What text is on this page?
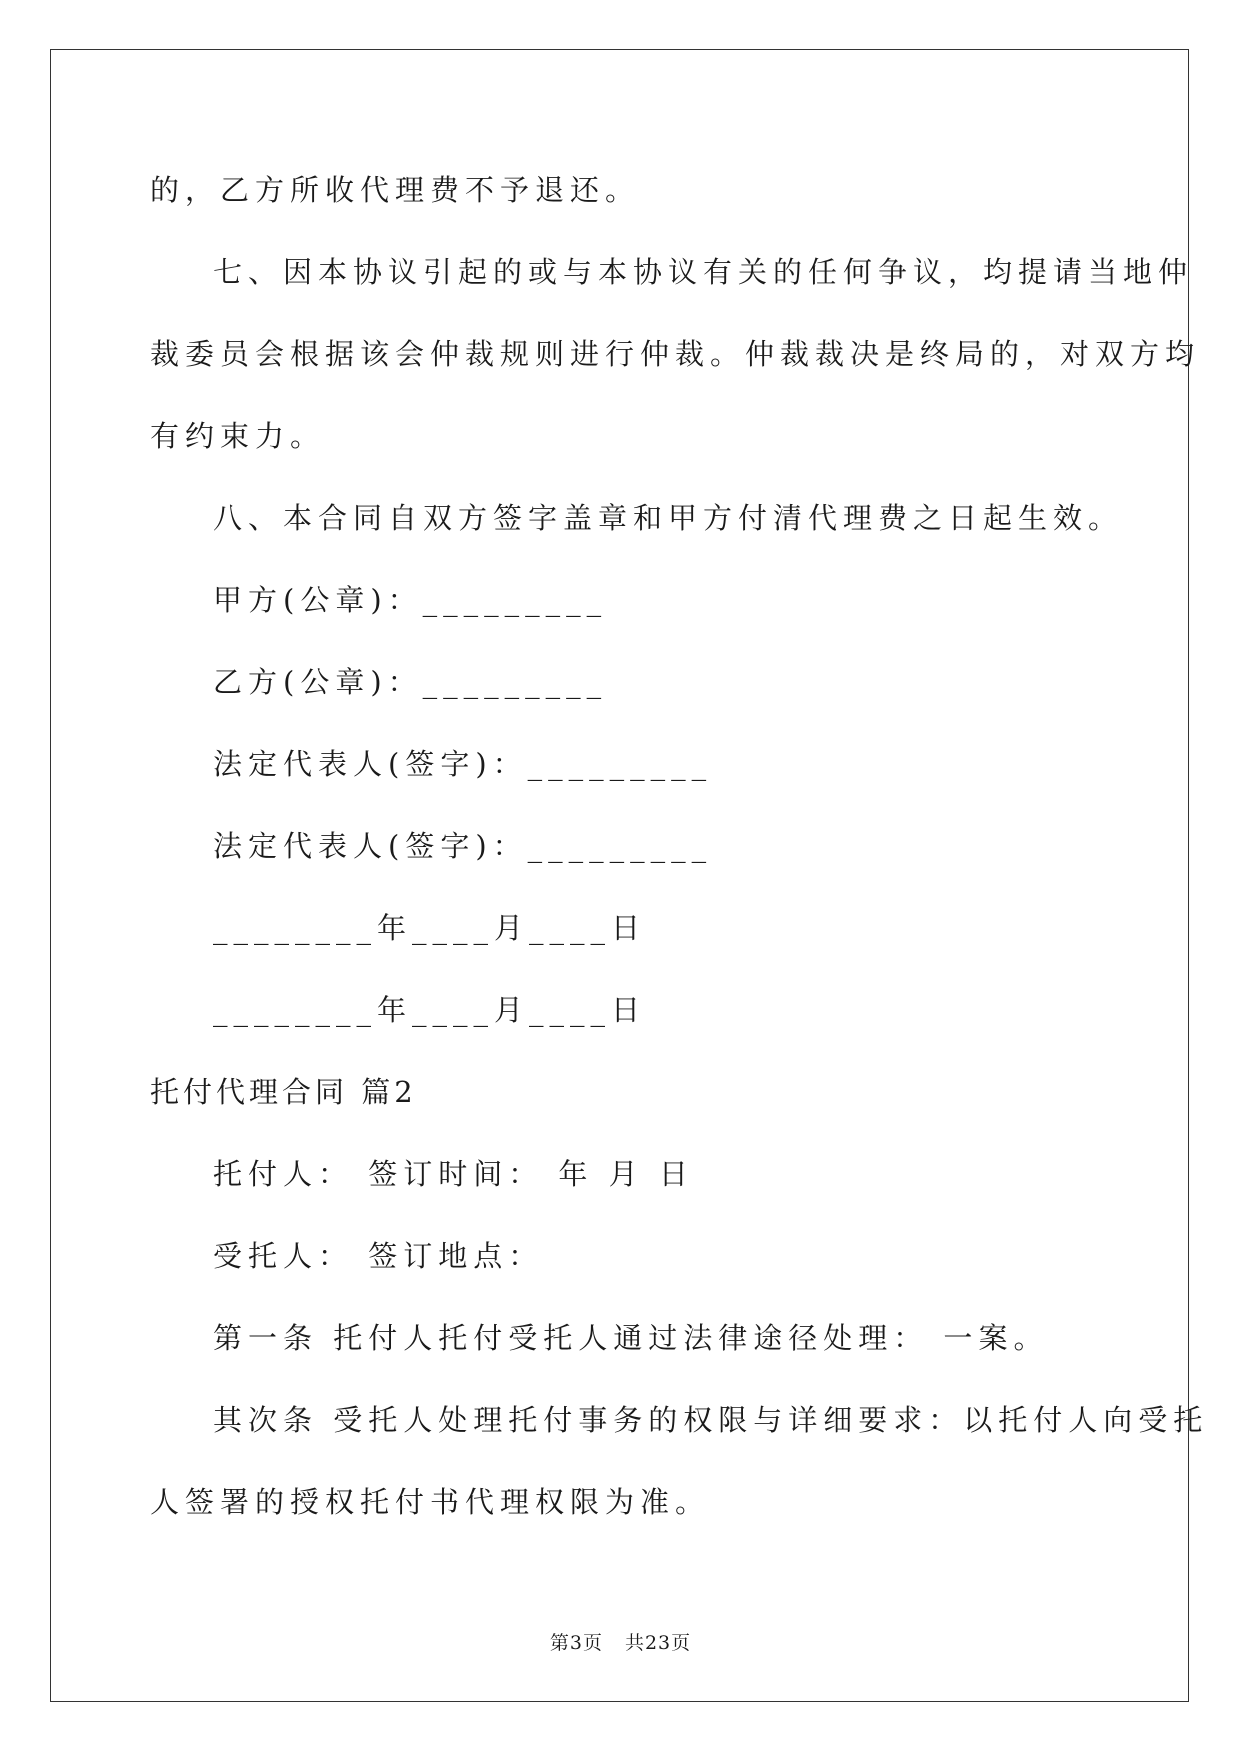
的，乙方所收代理费不予退还。
七、因本协议引起的或与本协议有关的任何争议，均提请当地仲
裁委员会根据该会仲裁规则进行仲裁。仲裁裁决是终局的，对双方均
有约束力。
八、本合同自双方签字盖章和甲方付清代理费之日起生效。
甲方(公章)：_________
乙方(公章)：_________
法定代表人(签字)：_________
法定代表人(签字)：_________
________年____月____日
________年____月____日
托付代理合同 篇2
托付人： 签订时间： 年 月 日
受托人： 签订地点：
第一条 托付人托付受托人通过法律途径处理： 一案。
其次条 受托人处理托付事务的权限与详细要求：以托付人向受托
人签署的授权托付书代理权限为准。
第3页 共23页
